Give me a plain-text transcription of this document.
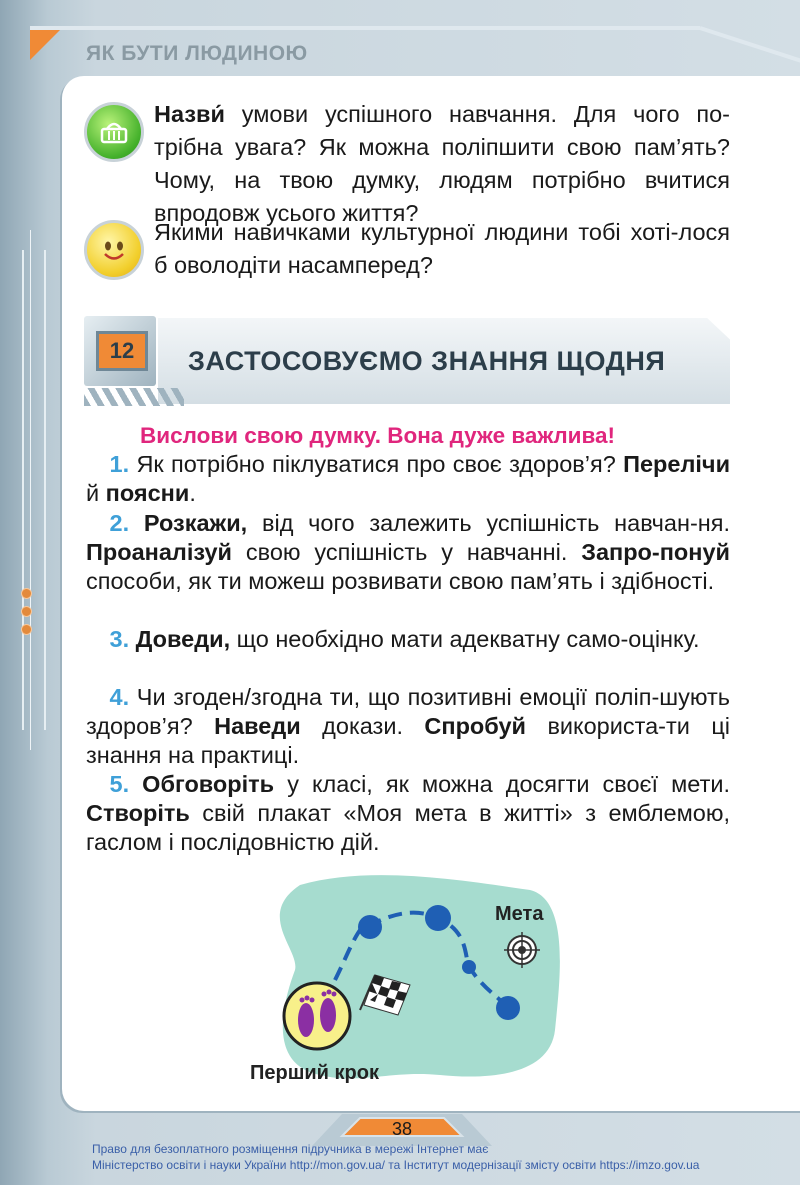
ЯК БУТИ ЛЮДИНОЮ
Назви́ умови успішного навчання. Для чого по-трібна увага? Як можна поліпшити свою пам’ять? Чому, на твою думку, людям потрібно вчитися впродовж усього життя?
Якими навичками культурної людини тобі хоті-лося б оволодіти насамперед?
12	ЗАСТОСОВУЄМО ЗНАННЯ ЩОДНЯ
Вислови свою думку. Вона дуже важлива!
 1. Як потрібно піклуватися про своє здоров’я? Перелічи й поясни.
 2. Розкажи, від чого залежить успішність навчан-ня. Проаналізуй свою успішність у навчанні. Запро-понуй способи, як ти можеш розвивати свою пам’ять і здібності.
 3. Доведи, що необхідно мати адекватну само-оцінку.
 4. Чи згоден/згодна ти, що позитивні емоції поліп-шують здоров’я? Наведи докази. Спробуй використа-ти ці знання на практиці.
 5. Обговоріть у класі, як можна досягти своєї мети. Створіть свій плакат «Моя мета в житті» з емблемою, гаслом і послідовністю дій.
Мета
Перший крок
38
Право для безоплатного розміщення підручника в мережі Інтернет має
Міністерство освіти і науки України http://mon.gov.ua/ та Інститут модернізації змісту освіти https://imzo.gov.ua
